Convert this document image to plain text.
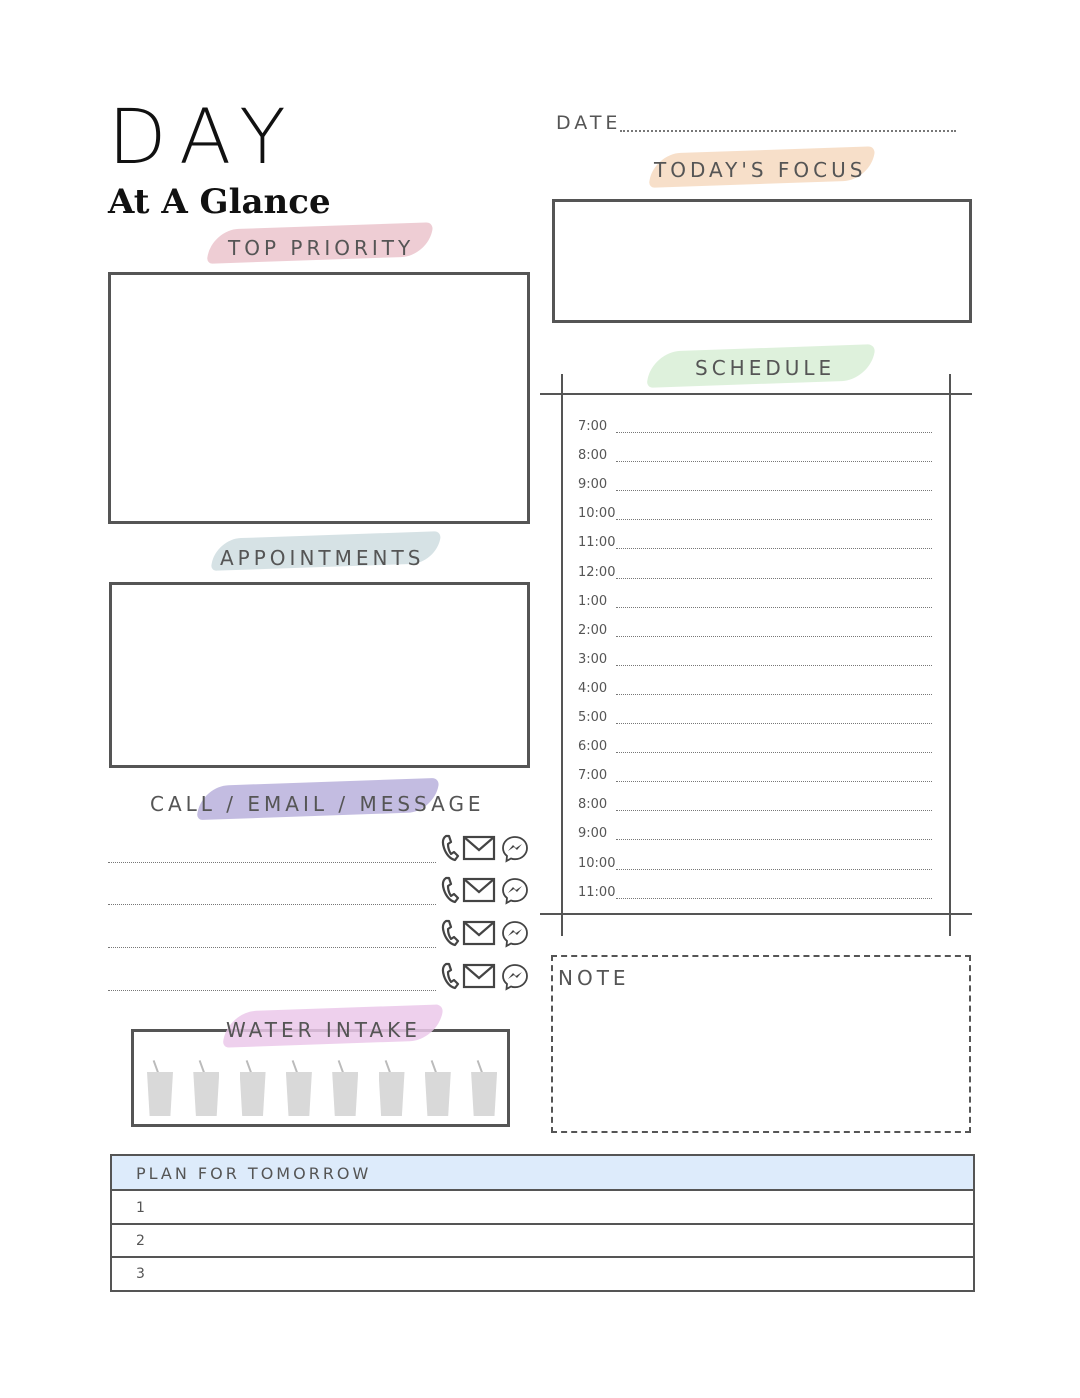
DAY
At A Glance
DATE
TODAY'S FOCUS
TOP PRIORITY
APPOINTMENTS
SCHEDULE
7:00
8:00
9:00
10:00
11:00
12:00
1:00
2:00
3:00
4:00
5:00
6:00
7:00
8:00
9:00
10:00
11:00
CALL / EMAIL / MESSAGE
WATER INTAKE
NOTE
PLAN FOR TOMORROW
1
2
3
